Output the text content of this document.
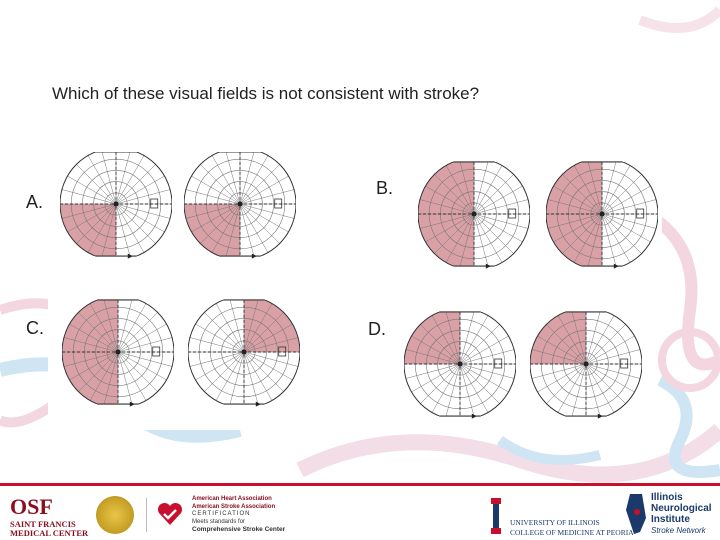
Which of these visual fields is not consistent with stroke?
A.
B.
C.	D.
OSF
SAINT FRANCIS MEDICAL CENTER
American Heart Association
American Stroke Association
CERTIFICATION
Meets standards for
Comprehensive Stroke Center
UNIVERSITY OF ILLINOIS
COLLEGE OF MEDICINE AT PEORIA
Illinois
Neurological
Institute
Stroke Network
